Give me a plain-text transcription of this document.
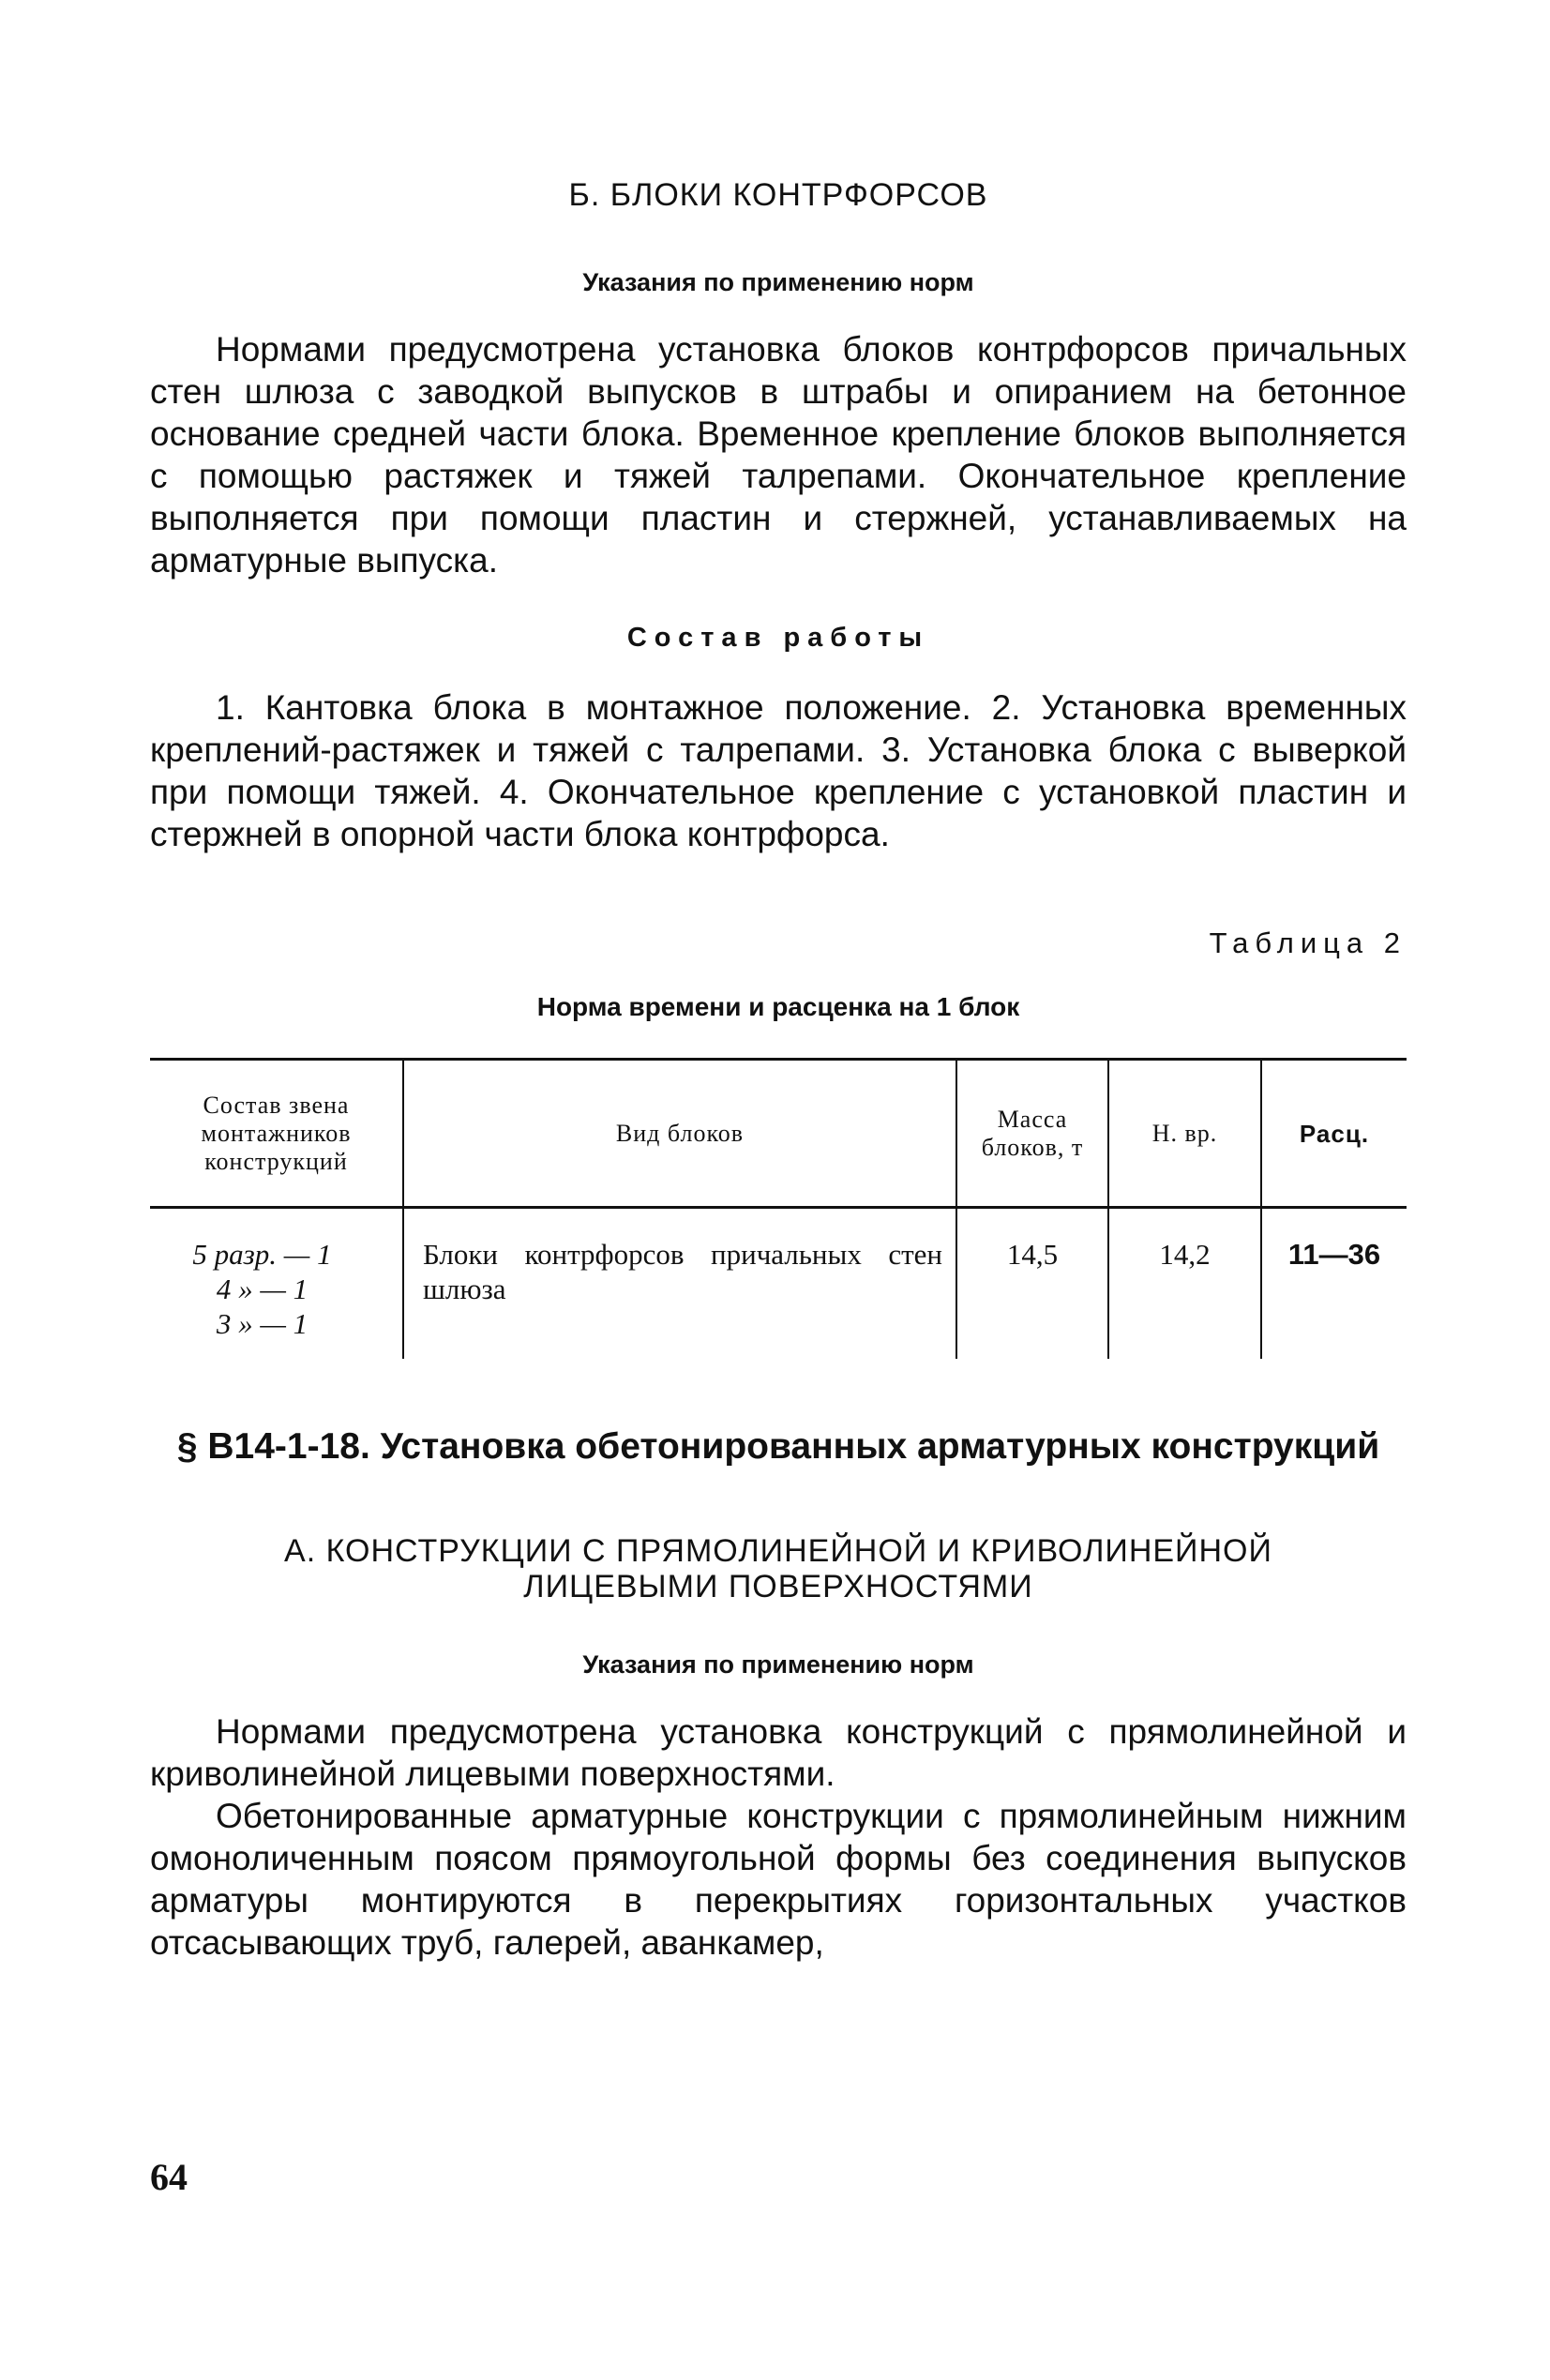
Б. БЛОКИ КОНТРФОРСОВ
Указания по применению норм

Нормами предусмотрена установка блоков контрфорсов причальных стен шлюза с заводкой выпусков в штрабы и опиранием на бетонное основание средней части блока. Временное крепление блоков выполняется с помощью растяжек и тяжей талрепами. Окончательное крепление выполняется при помощи пластин и стержней, устанавливаемых на арматурные выпуска.

Состав работы

1. Кантовка блока в монтажное положение. 2. Установка временных креплений-растяжек и тяжей с талрепами. 3. Установка блока с выверкой при помощи тяжей. 4. Окончательное крепление с установкой пластин и стержней в опорной части блока контрфорса.

Таблица 2
Норма времени и расценка на 1 блок
Состав звена монтажников конструкций	Вид блоков	Масса блоков, т	Н. вр.	Расц.

5 разр. — 1
4 » — 1
3 » — 1	Блоки контрфорсов причальных стен шлюза	14,5	14,2	11—36
§ В14-1-18. Установка обетонированных арматурных конструкций
А. КОНСТРУКЦИИ С ПРЯМОЛИНЕЙНОЙ И КРИВОЛИНЕЙНОЙ
ЛИЦЕВЫМИ ПОВЕРХНОСТЯМИ
Указания по применению норм

Нормами предусмотрена установка конструкций с прямолинейной и криволинейной лицевыми поверхностями.

Обетонированные арматурные конструкции с прямолинейным нижним омоноличенным поясом прямоугольной формы без соединения выпусков арматуры монтируются в перекрытиях горизонтальных участков отсасывающих труб, галерей, аванкамер,

64
